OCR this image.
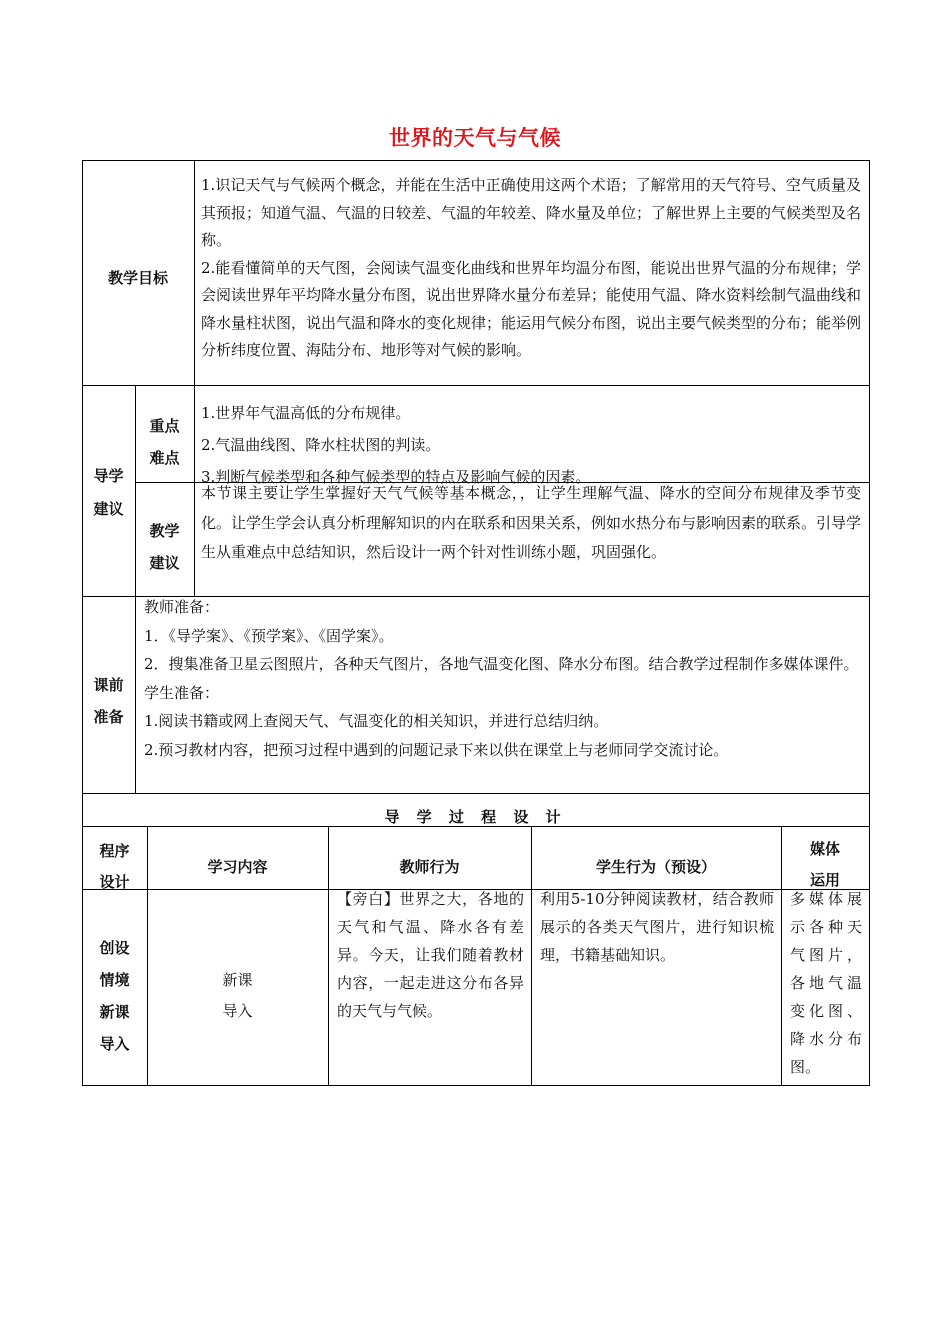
世界的天气与气候
教学目标

1.识记天气与气候两个概念，并能在生活中正确使用这两个术语；了解常用的天气符号、空气质量及其预报；知道气温、气温的日较差、气温的年较差、降水量及单位；了解世界上主要的气候类型及名称。

2.能看懂简单的天气图，会阅读气温变化曲线和世界年均温分布图，能说出世界气温的分布规律；学会阅读世界年平均降水量分布图，说出世界降水量分布差异；能使用气温、降水资料绘制气温曲线和降水量柱状图，说出气温和降水的变化规律；能运用气候分布图，说出主要气候类型的分布；能举例分析纬度位置、海陆分布、地形等对气候的影响。

导学
建议
重点
难点

1.世界年气温高低的分布规律。

2.气温曲线图、降水柱状图的判读。

3.判断气候类型和各种气候类型的特点及影响气候的因素。

教学
建议
本节课主要让学生掌握好天气气候等基本概念，，让学生理解气温、降水的空间分布规律及季节变化。让学生学会认真分析理解知识的内在联系和因果关系，例如水热分布与影响因素的联系。引导学生从重难点中总结知识，然后设计一两个针对性训练小题，巩固强化。
课前
准备

教师准备：

1．《导学案》、《预学案》、《固学案》。

2．搜集准备卫星云图照片，各种天气图片，各地气温变化图、降水分布图。结合教学过程制作多媒体课件。

学生准备：

1.阅读书籍或网上查阅天气、气温变化的相关知识，并进行总结归纳。

2.预习教材内容，把预习过程中遇到的问题记录下来以供在课堂上与老师同学交流讨论。

导 学 过 程 设 计
程序
设计
学习内容	教师行为	学生行为（预设）
媒体
运用
创设
情境
新课
导入
新课
导入
【旁白】世界之大，各地的天气和气温、降水各有差异。今天，让我们随着教材内容，一起走进这分布各异的天气与气候。
利用5-10分钟阅读教材，结合教师展示的各类天气图片，进行知识梳理，书籍基础知识。
多媒体展示各种天气图片，各地气温变化图、降水分布图。
